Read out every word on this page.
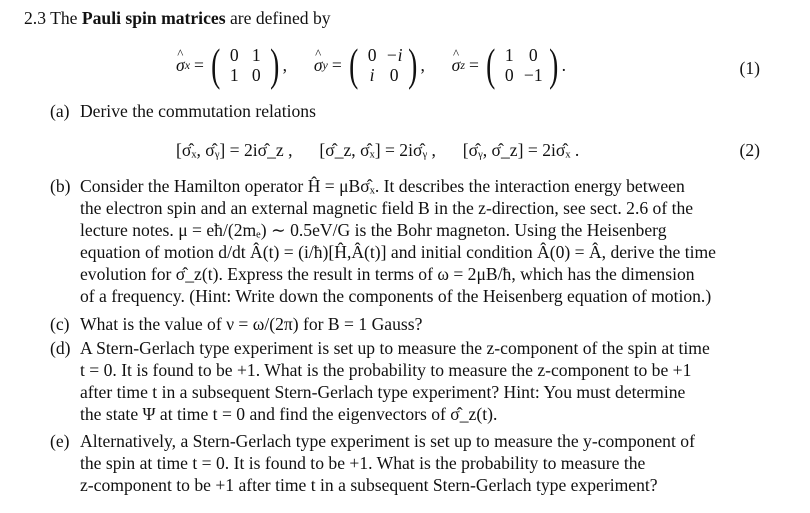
2.3 The Pauli spin matrices are defined by
σ ^ x = ( 0 1
1 0 ) ,
σ ^ y = ( 0 −i
i 0 ) ,
σ ^ z = ( 1 0
0 −1 ) .	(1)
(a) Derive the commutation relations
[σ̂ₓ, σ̂ᵧ] = 2iσ̂_z , [σ̂_z, σ̂ₓ] = 2iσ̂ᵧ , [σ̂ᵧ, σ̂_z] = 2iσ̂ₓ .	(2)
(b) Consider the Hamilton operator Ĥ = μBσ̂ₓ. It describes the interaction energy between
the electron spin and an external magnetic field B in the z-direction, see sect. 2.6 of the
lecture notes. μ = eħ/(2mₑ) ∼ 0.5eV/G is the Bohr magneton. Using the Heisenberg
equation of motion d/dt Â(t) = (i/ħ)[Ĥ,Â(t)] and initial condition Â(0) = Â, derive the time
evolution for σ̂_z(t). Express the result in terms of ω = 2μB/ħ, which has the dimension
of a frequency. (Hint: Write down the components of the Heisenberg equation of motion.)
(c) What is the value of ν = ω/(2π) for B = 1 Gauss?
(d) A Stern-Gerlach type experiment is set up to measure the z-component of the spin at time
t = 0. It is found to be +1. What is the probability to measure the z-component to be +1
after time t in a subsequent Stern-Gerlach type experiment? Hint: You must determine
the state Ψ at time t = 0 and find the eigenvectors of σ̂_z(t).
(e) Alternatively, a Stern-Gerlach type experiment is set up to measure the y-component of
the spin at time t = 0. It is found to be +1. What is the probability to measure the
z-component to be +1 after time t in a subsequent Stern-Gerlach type experiment?
